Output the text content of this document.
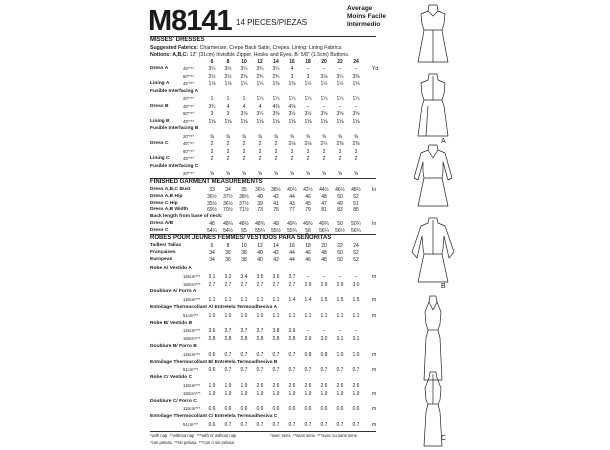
M8141 14 PIECES/PIEZAS
Average
Moins Facile
Intermedio
MISSES' DRESSES
Suggested Fabrics: Charmeuse, Crepe Back Satin, Crepes. Lining: Lining Fabrics.
Notions: A,B,C: 12" (31cm) Invisible Zipper, Hooks and Eyes. B: 5/8" (1.5cm) Buttons.
6	8	10	12	14	16	18	20	22	24
Dress A	45"***	3¼	3½	3¼	3¾	3¼	4	–	–	–	–	Yd
60"***	2½	2½	2⅝	2¾	2¾	3	3	3⅛	3¼	3⅜
Lining A	45"***	1⅛	1⅛	1¼	1¼	1⅜	1⅜	1½	1½	1½	1⅝
Fusible Interfacing A
20"***	1	1	1	1¼	1¼	1¼	1¼	1¼	1¼	1¼
Dress B	45"***	3¾	4	4	4	4⅜	4⅝	–	–	–	–
60"***	3	3	3⅛	3¼	3⅜	3½	3½	3⅝	3⅝	3⅝
Lining B	45"***	1⅝	1⅝	1⅝	1⅝	1⅝	1⅝	1⅝	1⅝	1⅝	1⅝
Fusible Interfacing B
20"***	⅝	⅝	⅝	⅝	⅝	⅝	⅝	⅝	⅝	⅝
Dress C	45"***	2	2	2	2	2	2⅛	2⅛	2¼	2⅜	2⅜
60"***	2	2	2	2	2	2	2	2	2	2
Lining C	45"***	2	2	2	2	2	2	2	2	2	2
Fusible Interfacing C
20"***	⅝	⅝	⅝	⅝	⅝	⅝	⅝	⅝	⅝	⅝
FINISHED GARMENT MEASUREMENTS
Dress A,B,C Bust	33	34	35	36½	38½	40½	42½	44½	46½	48½	In
Dress A,B Hip	36½	37½	38½	40	42	44	46	48	50	52
Dress C Hip	35½	36½	37½	39	41	43	45	47	49	51
Dress A,B Width	69½	70½	71½	73	75	77	79	81	83	85
Back length from base of neck:
Dress A/B	48	48¼	48½	48¾	49	49¼	49½	49¾	50	50¼	In
Dress C	54¼	54½	55	55¼	55½	55¾	56	56¼	56½	56¾
ROBES POUR JEUNES FEMMES/ VESTIDOS PARA SEÑORITAS
Tailles/ Tallas	6	8	10	12	14	16	18	20	22	24
Françaises	34	36	38	40	42	44	46	48	50	52
Europeas	34	36	38	40	42	44	46	48	50	52
Robe A/ Vestido A
115cm***	3.1	3.2	3.4	3.5	3.6	3.7	–	–	–	–	m
150cm***	2.7	2.7	2.7	2.7	2.7	2.7	2.9	2.9	2.9	3.0
Doublure A/ Forro A
115cm***	1.1	1.1	1.1	1.1	1.1	1.4	1.4	1.5	1.5	1.5	m
Entoilage Thermocollant A/ Entretela Termoadhesiva A
51cm***	1.0	1.0	1.0	1.0	1.1	1.1	1.1	1.1	1.1	1.1	m
Robe B/ Vestido B
115cm***	3.6	3.7	3.7	3.7	3.8	3.9	–	–	–	–
150cm***	2.8	2.8	2.8	2.8	2.8	2.8	2.9	3.0	3.1	3.1
Doublure B/ Forro B
115cm***	0.6	0.7	0.7	0.7	0.7	0.7	0.8	0.8	1.0	1.0	m
Entoilage Thermocollant B/ Entretela Termoadhesiva B
51cm***	0.6	0.7	0.7	0.7	0.7	0.7	0.7	0.7	0.7	0.7	m
Robe C/ Vestido C
115cm***	1.9	1.9	1.9	2.6	2.6	2.6	2.6	2.6	2.6	2.6
150cm***	1.9	1.9	1.9	1.9	1.9	1.9	1.9	1.9	1.9	1.9	m
Doublure C/ Forro C
115cm***	0.6	0.6	0.6	0.6	0.6	0.6	0.6	0.6	0.6	0.6	m
Entoilage Thermocollant C/ Entretela Termoadhesiva C
51cm***	0.6	0.7	0.7	0.7	0.7	0.7	0.7	0.7	0.7	0.7	m
*with nap **without nap ***with or without nap	*avec sens **sans sens ***avec ou sans sens
*con pelusa **sin pelusa ***con o sin pelusa
A
B
C
